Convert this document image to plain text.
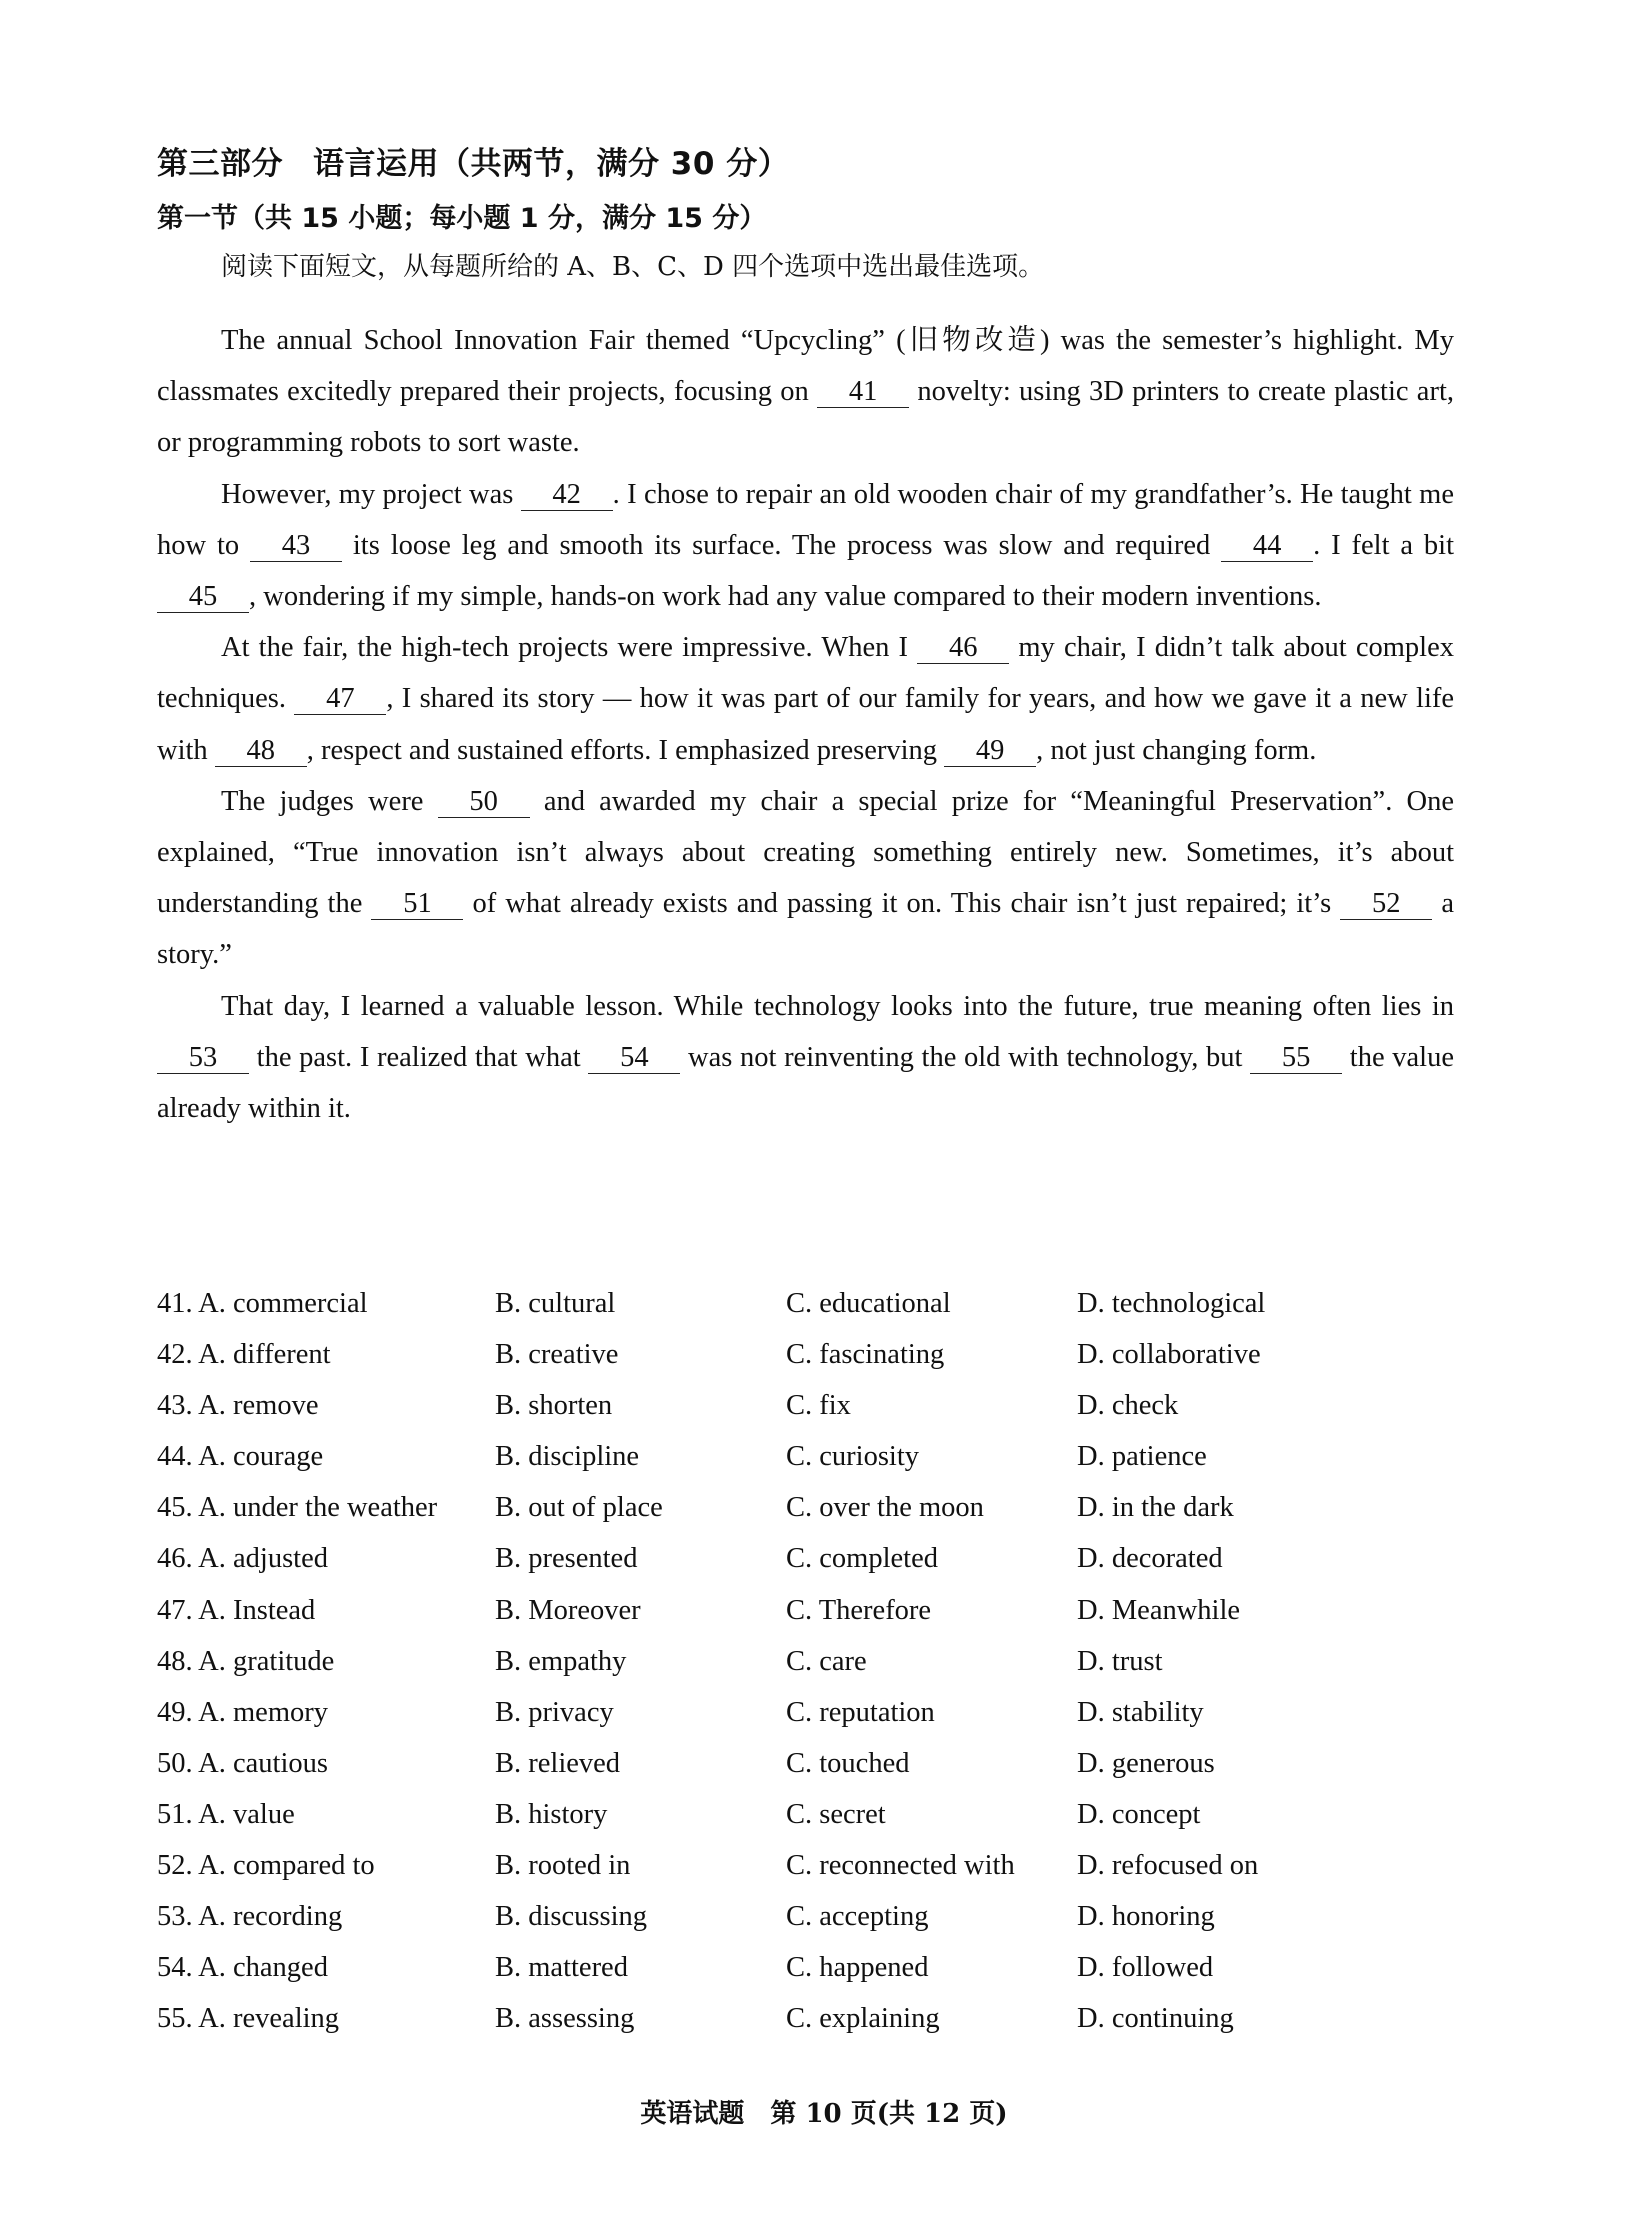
第三部分 语言运用（共两节，满分 30 分）
第一节（共 15 小题；每小题 1 分，满分 15 分）
阅读下面短文，从每题所给的 A、B、C、D 四个选项中选出最佳选项。

The annual School Innovation Fair themed “Upcycling” (旧物改造) was the semester’s highlight. My classmates excitedly prepared their projects, focusing on 41 novelty: using 3D printers to create plastic art, or programming robots to sort waste.

However, my project was 42 . I chose to repair an old wooden chair of my grandfather’s. He taught me how to 43 its loose leg and smooth its surface. The process was slow and required 44 . I felt a bit 45 , wondering if my simple, hands-on work had any value compared to their modern inventions.

At the fair, the high-tech projects were impressive. When I 46 my chair, I didn’t talk about complex techniques. 47 , I shared its story — how it was part of our family for years, and how we gave it a new life with 48 , respect and sustained efforts. I emphasized preserving 49 , not just changing form.

The judges were 50 and awarded my chair a special prize for “Meaningful Preservation”. One explained, “True innovation isn’t always about creating something entirely new. Sometimes, it’s about understanding the 51 of what already exists and passing it on. This chair isn’t just repaired; it’s 52 a story.”

That day, I learned a valuable lesson. While technology looks into the future, true meaning often lies in 53 the past. I realized that what 54 was not reinventing the old with technology, but 55 the value already within it.

41. A. commercial	B. cultural	C. educational	D. technological
42. A. different	B. creative	C. fascinating	D. collaborative
43. A. remove	B. shorten	C. fix	D. check
44. A. courage	B. discipline	C. curiosity	D. patience
45. A. under the weather B. out of place	C. over the moon	D. in the dark
46. A. adjusted	B. presented	C. completed	D. decorated
47. A. Instead	B. Moreover	C. Therefore	D. Meanwhile
48. A. gratitude	B. empathy	C. care	D. trust
49. A. memory	B. privacy	C. reputation	D. stability
50. A. cautious	B. relieved	C. touched	D. generous
51. A. value	B. history	C. secret	D. concept
52. A. compared to	B. rooted in	C. reconnected with D. refocused on
53. A. recording	B. discussing	C. accepting	D. honoring
54. A. changed	B. mattered	C. happened	D. followed
55. A. revealing	B. assessing	C. explaining	D. continuing
英语试题 第 10 页(共 12 页)
